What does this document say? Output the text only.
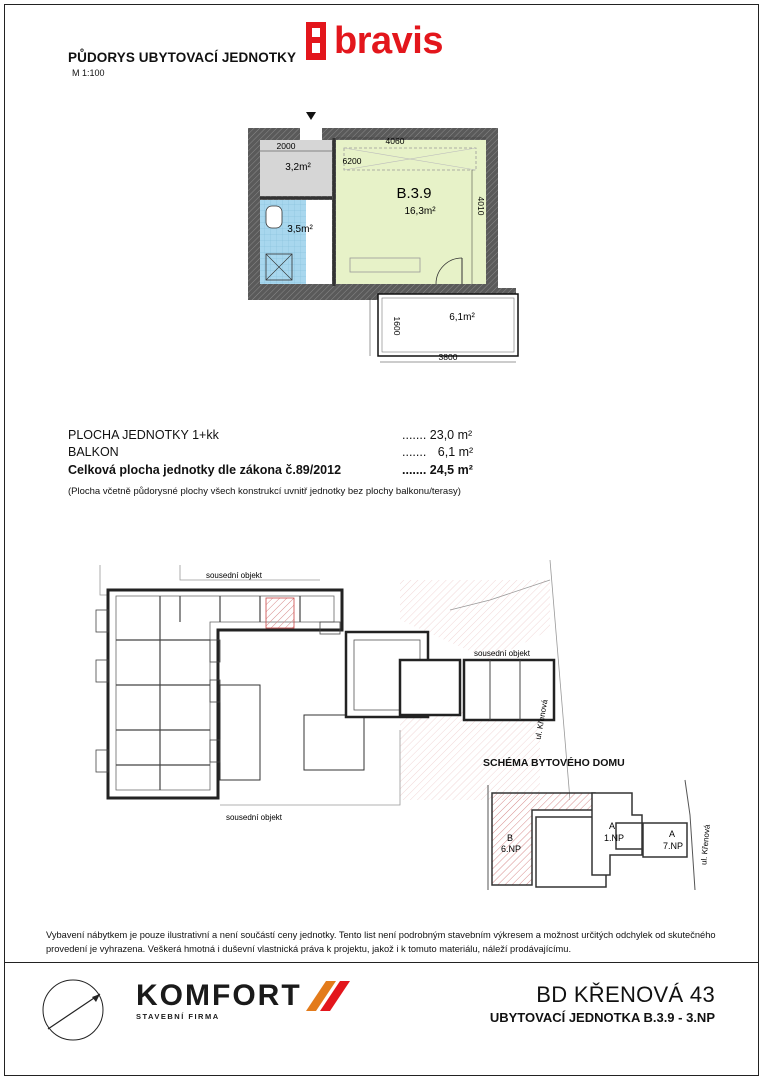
PŮDORYS UBYTOVACÍ JEDNOTKY
M 1:100
bravis
4060
2000
6200
4010
3,2m²
3,5m²
B.3.9
16,3m²
6,1m²
1600
3800
PLOCHA JEDNOTKY 1+kk	....... 23,0 m²
BALKON	....... 6,1 m²
Celková plocha jednotky dle zákona č.89/2012	....... 24,5 m²
(Plocha včetně půdorysné plochy všech konstrukcí uvnitř jednotky bez plochy balkonu/terasy)
sousední objekt
sousední objekt
sousední objekt
ul. Křenová
SCHÉMA BYTOVÉHO DOMU
B
6.NP
A
1.NP	A
7.NP ul. Křenová
Vybavení nábytkem je pouze ilustrativní a není součástí ceny jednotky. Tento list není podrobným stavebním výkresem a možnost určitých odchylek od skutečného provedení je vyhrazena. Veškerá hmotná i duševní vlastnická práva k projektu, jakož i k tomuto materiálu, náleží prodávajícímu.
KOMFORT
STAVEBNÍ FIRMA
BD KŘENOVÁ 43
UBYTOVACÍ JEDNOTKA B.3.9 - 3.NP
